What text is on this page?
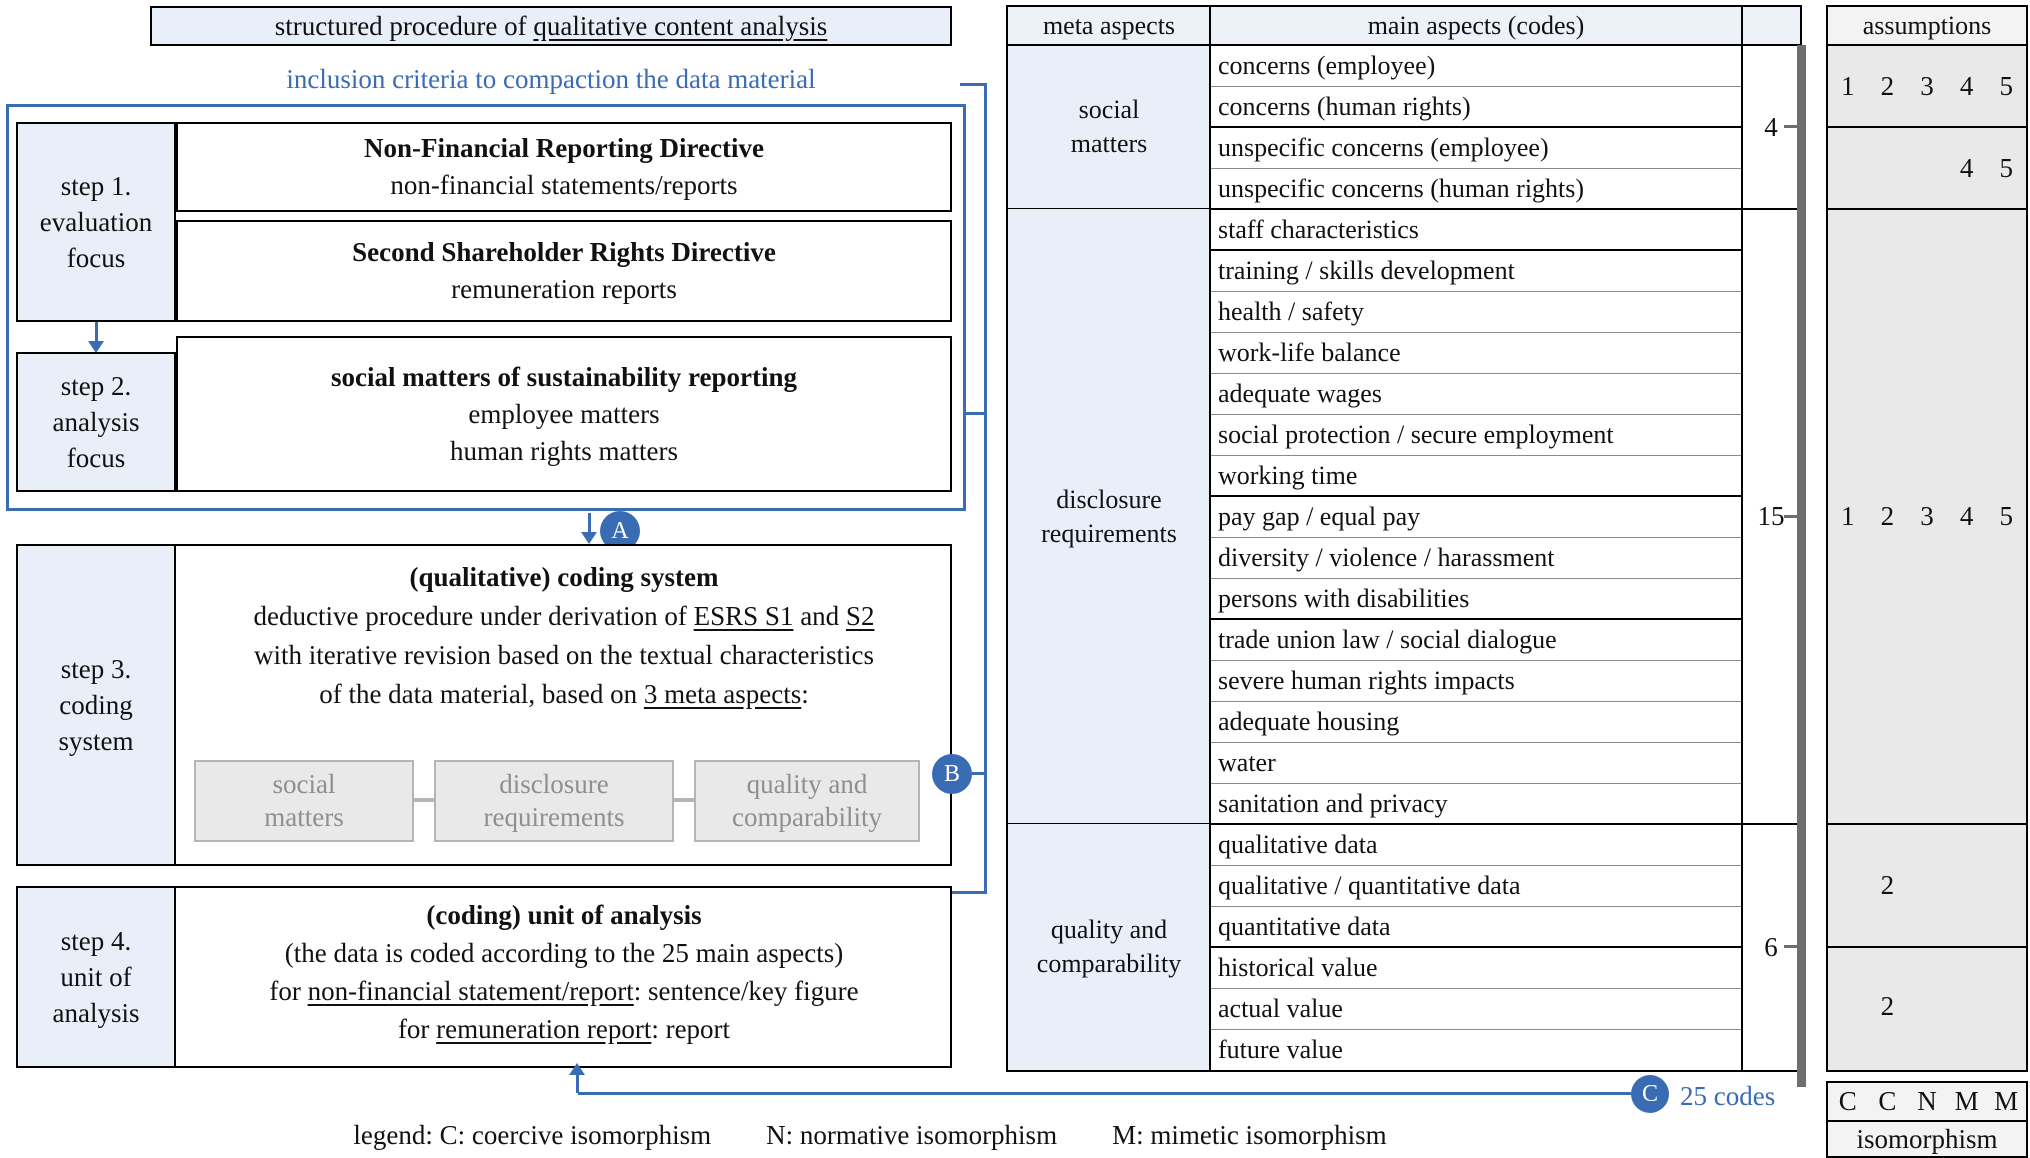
structured procedure of qualitative content analysis
inclusion criteria to compaction the data material
step 1.
evaluation
focus
Non-Financial Reporting Directive
non-financial statements/reports
Second Shareholder Rights Directive
remuneration reports
step 2.
analysis
focus
social matters of sustainability reporting
employee matters
human rights matters
A
step 3.
coding
system
(qualitative) coding system
deductive procedure under derivation of ESRS S1 and S2
with iterative revision based on the textual characteristics
of the data material, based on 3 meta aspects:
social
matters
disclosure
requirements
quality and
comparability
B
step 4.
unit of
analysis
(coding) unit of analysis
(the data is coded according to the 25 main aspects)
for non-financial statement/report: sentence/key figure
for remuneration report: report
C 25 codes
legend: C: coercive isomorphism N: normative isomorphism M: mimetic isomorphism
meta aspects	main aspects (codes)
social
matters
concerns (employee)
concerns (human rights)
unspecific concerns (employee)
unspecific concerns (human rights)
4
disclosure
requirements
staff characteristics
training / skills development
health / safety
work-life balance
adequate wages
social protection / secure employment
working time
pay gap / equal pay
diversity / violence / harassment
persons with disabilities
trade union law / social dialogue
severe human rights impacts
adequate housing
water
sanitation and privacy
15
quality and
comparability
qualitative data
qualitative / quantitative data
quantitative data
historical value
actual value
future value
6
assumptions
1 2 3 4 5
4 5
1 2 3 4 5
2
2
C C N M M
isomorphism
